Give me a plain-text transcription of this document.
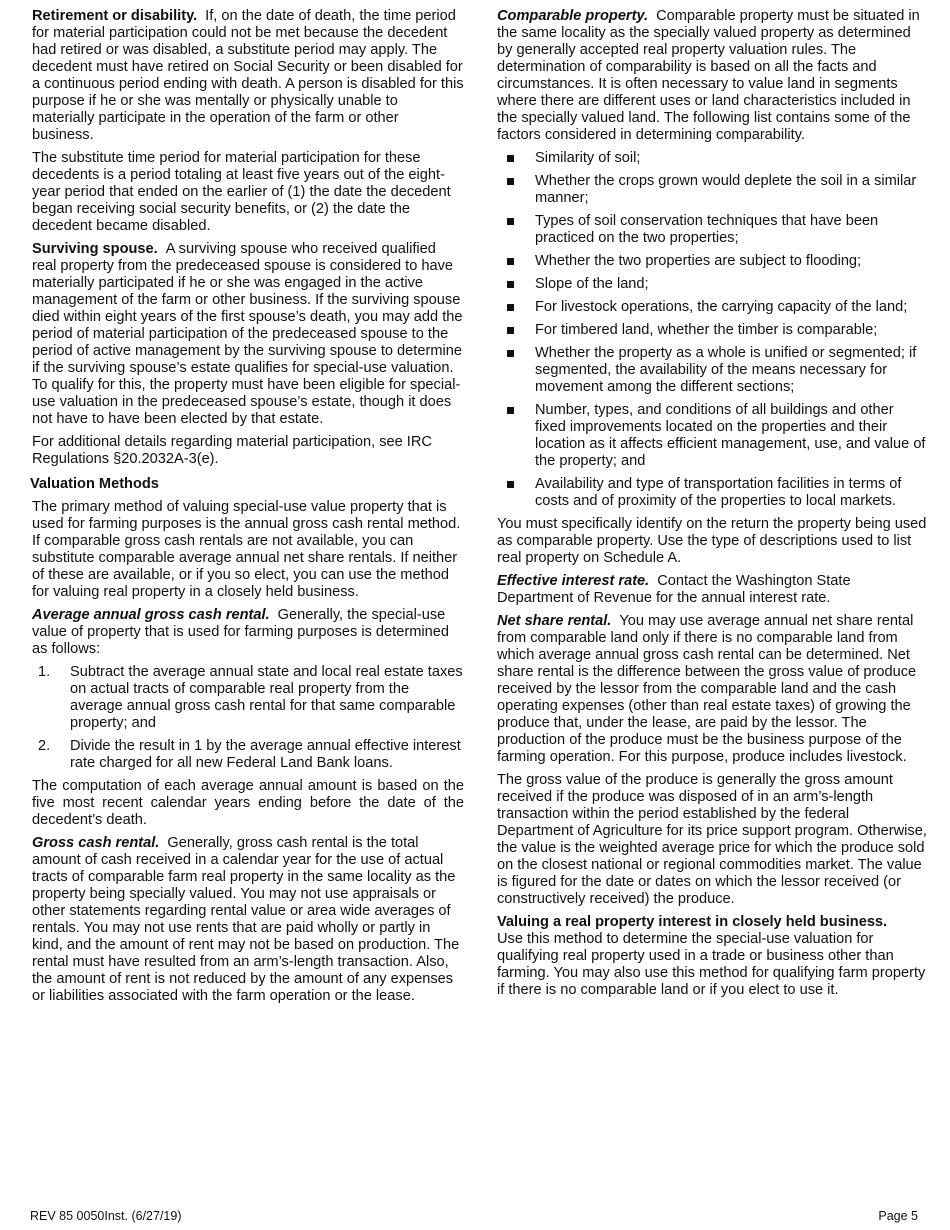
Retirement or disability. If, on the date of death, the time period for material participation could not be met because the decedent had retired or was disabled, a substitute period may apply. The decedent must have retired on Social Security or been disabled for a continuous period ending with death. A person is disabled for this purpose if he or she was mentally or physically unable to materially participate in the operation of the farm or other business.

The substitute time period for material participation for these decedents is a period totaling at least five years out of the eight-year period that ended on the earlier of (1) the date the decedent began receiving social security benefits, or (2) the date the decedent became disabled.

Surviving spouse. A surviving spouse who received qualified real property from the predeceased spouse is considered to have materially participated if he or she was engaged in the active management of the farm or other business. If the surviving spouse died within eight years of the first spouse’s death, you may add the period of material participation of the predeceased spouse to the period of active management by the surviving spouse to determine if the surviving spouse’s estate qualifies for special-use valuation.

To qualify for this, the property must have been eligible for special-use valuation in the predeceased spouse’s estate, though it does not have to have been elected by that estate.

For additional details regarding material participation, see IRC Regulations §20.2032A-3(e).

Valuation Methods

The primary method of valuing special-use value property that is used for farming purposes is the annual gross cash rental method. If comparable gross cash rentals are not available, you can substitute comparable average annual net share rentals. If neither of these are available, or if you so elect, you can use the method for valuing real property in a closely held business.

Average annual gross cash rental. Generally, the special-use value of property that is used for farming purposes is determined as follows:

1. Subtract the average annual state and local real estate taxes on actual tracts of comparable real property from the average annual gross cash rental for that same comparable property; and
2. Divide the result in 1 by the average annual effective interest rate charged for all new Federal Land Bank loans.

The computation of each average annual amount is based on the five most recent calendar years ending before the date of the decedent’s death.

Gross cash rental. Generally, gross cash rental is the total amount of cash received in a calendar year for the use of actual tracts of comparable farm real property in the same locality as the property being specially valued. You may not use appraisals or other statements regarding rental value or area wide averages of rentals. You may not use rents that are paid wholly or partly in kind, and the amount of rent may not be based on production. The rental must have resulted from an arm’s-length transaction. Also, the amount of rent is not reduced by the amount of any expenses or liabilities associated with the farm operation or the lease.

Comparable property. Comparable property must be situated in the same locality as the specially valued property as determined by generally accepted real property valuation rules. The determination of comparability is based on all the facts and circumstances. It is often necessary to value land in segments where there are different uses or land characteristics included in the specially valued land. The following list contains some of the factors considered in determining comparability.

Similarity of soil;
Whether the crops grown would deplete the soil in a similar manner;
Types of soil conservation techniques that have been practiced on the two properties;
Whether the two properties are subject to flooding;
Slope of the land;
For livestock operations, the carrying capacity of the land;
For timbered land, whether the timber is comparable;
Whether the property as a whole is unified or segmented; if segmented, the availability of the means necessary for movement among the different sections;
Number, types, and conditions of all buildings and other fixed improvements located on the properties and their location as it affects efficient management, use, and value of the property; and
Availability and type of transportation facilities in terms of costs and of proximity of the properties to local markets.

You must specifically identify on the return the property being used as comparable property. Use the type of descriptions used to list real property on Schedule A.

Effective interest rate. Contact the Washington State Department of Revenue for the annual interest rate.

Net share rental. You may use average annual net share rental from comparable land only if there is no comparable land from which average annual gross cash rental can be determined. Net share rental is the difference between the gross value of produce received by the lessor from the comparable land and the cash operating expenses (other than real estate taxes) of growing the produce that, under the lease, are paid by the lessor. The production of the produce must be the business purpose of the farming operation. For this purpose, produce includes livestock.

The gross value of the produce is generally the gross amount received if the produce was disposed of in an arm’s-length transaction within the period established by the federal Department of Agriculture for its price support program. Otherwise, the value is the weighted average price for which the produce sold on the closest national or regional commodities market. The value is figured for the date or dates on which the lessor received (or constructively received) the produce.

Valuing a real property interest in closely held business.
Use this method to determine the special-use valuation for qualifying real property used in a trade or business other than farming. You may also use this method for qualifying farm property if there is no comparable land or if you elect to use it.

REV 85 0050Inst. (6/27/19)	Page 5
